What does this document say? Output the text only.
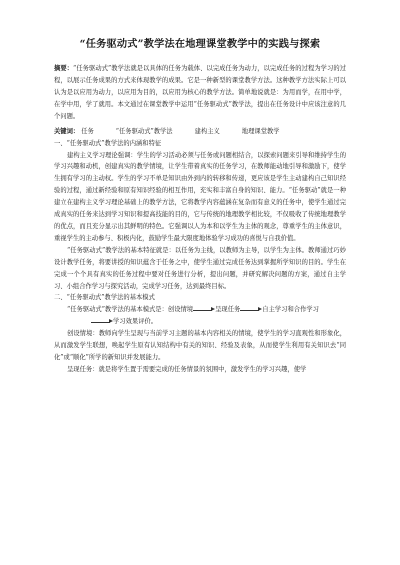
“任务驱动式”教学法在地理课堂教学中的实践与探索
摘要：“任务驱动式”教学法就是以具体的任务为载体、以完成任务为动力，以完成任务的过程为学习的过程，以展示任务成果的方式来体现教学的成果。它是一种新型的课堂教学方法。这种教学方法实际上可以认为是以应用为动力，以应用为目的，以应用为核心的教学方法。简单地说就是：为用而学，在用中学，在学中用，学了就用。本文通过在课堂教学中运用“任务驱动式”教学法，提出在任务设计中应该注意的几个问题。
关键词： 任务	“任务驱动式”教学法	建构主义	地理课堂教学
一、“任务驱动式”教学法的内涵和特征
建构主义学习理论强调：学生的学习活动必须与任务或问题相结合，以探索问题来引导和维持学生的学习兴趣和动机，创建真实的教学情境，让学生带着真实的任务学习，在教师能动地引导和激励下，使学生拥有学习的主动权。学生的学习不单是知识由外到内的转移和传递，更应该是学生主动建构自己知识经验的过程，通过新经验和原有知识经验的相互作用，充实和丰富自身的知识、能力。“任务驱动”就是一种建立在建构主义学习理论基础上的教学方法，它将教学内容蕴涵在复杂而有意义的任务中，使学生通过完成真实的任务来达到学习知识和提高技能的目的，它与传统的地理教学相比较，不仅吸收了传统地理教学的优点，而且充分显示出其鲜明的特色。它强调以人为本和以学生为主体的观念，尊重学生的主体意识，重视学生的主动参与、积极内化，鼓励学生最大限度地体验学习成功的喜悦与自我价值。
“任务驱动式”教学法的基本特征就是：以任务为主线，以教师为主导，以学生为主体。教师通过巧妙设计教学任务，将要讲授的知识蕴含于任务之中，使学生通过完成任务达到掌握所学知识的目的。学生在完成一个个具有真实的任务过程中要对任务进行分析，提出问题，并研究解决问题的方案，通过自主学习、小组合作学习与探究活动，完成学习任务，达到最终目标。
二、“任务驱动式”教学法的基本模式
“任务驱动式”教学法的基本模式是：创设情境	呈现任务	自主学习和合作学习
学习效果评价。
创设情境：教师向学生呈现与当前学习主题的基本内容相关的情境，使学生的学习直观性和形象化，从而激发学生联想，唤起学生原有认知结构中有关的知识、经验及表象，从而使学生利用有关知识去“同化”或“顺化”所学的新知识并发展能力。
呈现任务：就是将学生置于需要完成的任务情景的氛围中，激发学生的学习兴趣，使学
